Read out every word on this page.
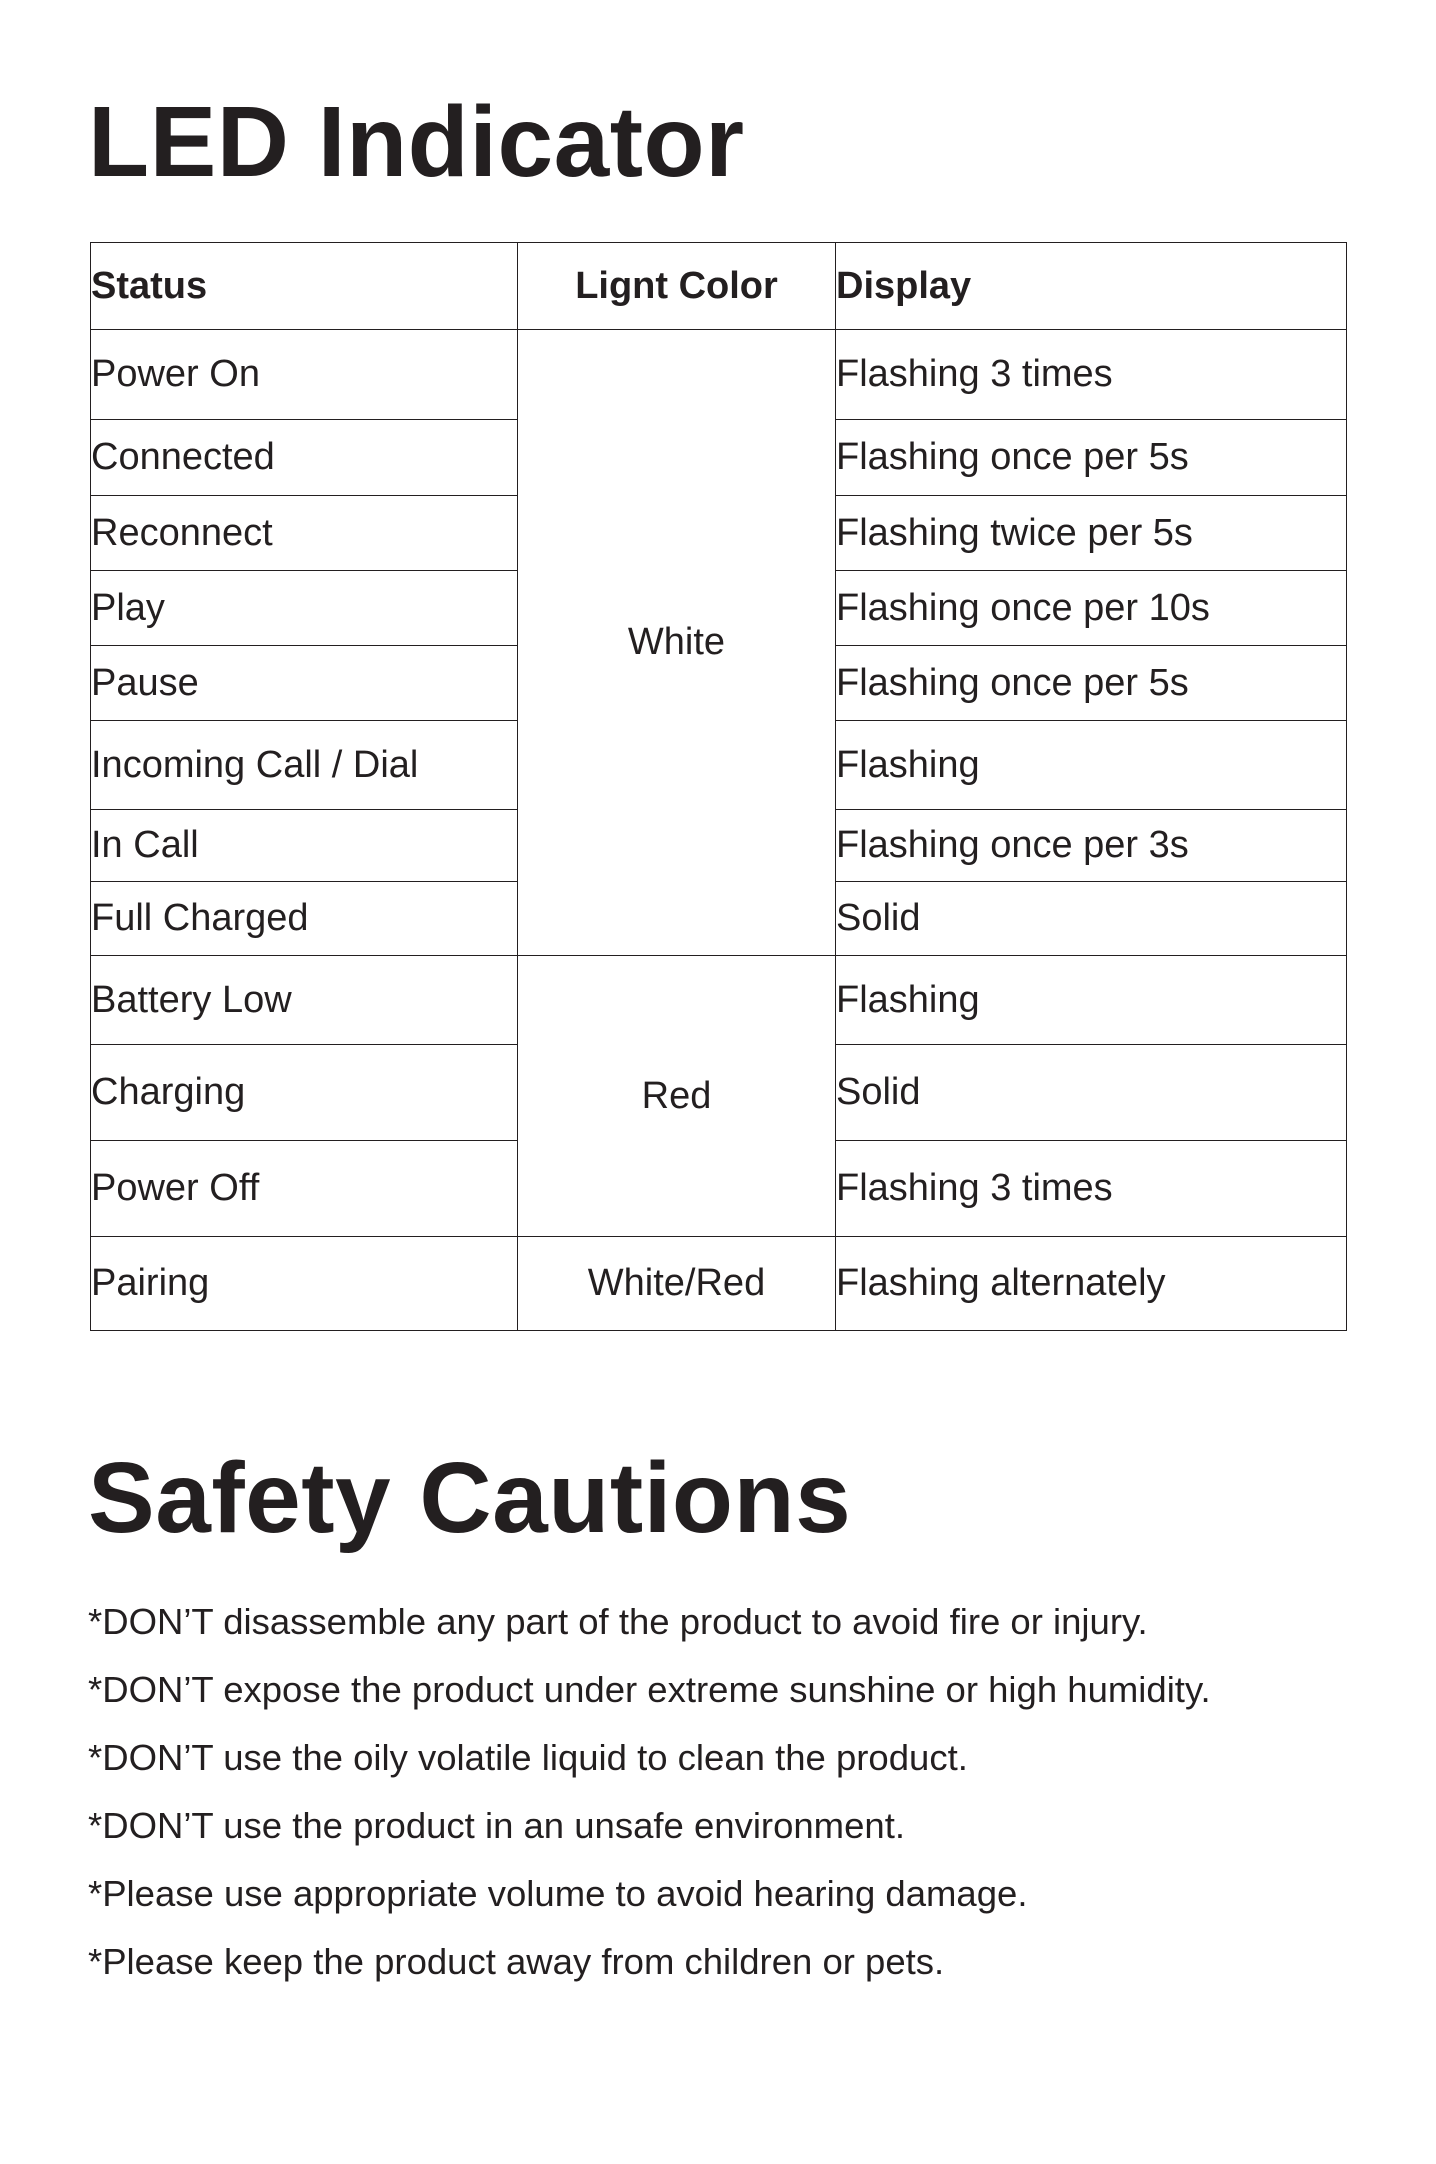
LED Indicator
Status	Lignt Color	Display
Power On	White	Flashing 3 times
Connected		Flashing once per 5s
Reconnect		Flashing twice per 5s
Play		Flashing once per 10s
Pause		Flashing once per 5s
Incoming Call / Dial		Flashing
In Call		Flashing once per 3s
Full Charged		Solid
Battery Low	Red	Flashing
Charging		Solid
Power Off		Flashing 3 times
Pairing	White/Red	Flashing alternately
Safety Cautions
*DON’T disassemble any part of the product to avoid fire or injury.
*DON’T expose the product under extreme sunshine or high humidity.
*DON’T use the oily volatile liquid to clean the product.
*DON’T use the product in an unsafe environment.
*Please use appropriate volume to avoid hearing damage.
*Please keep the product away from children or pets.
